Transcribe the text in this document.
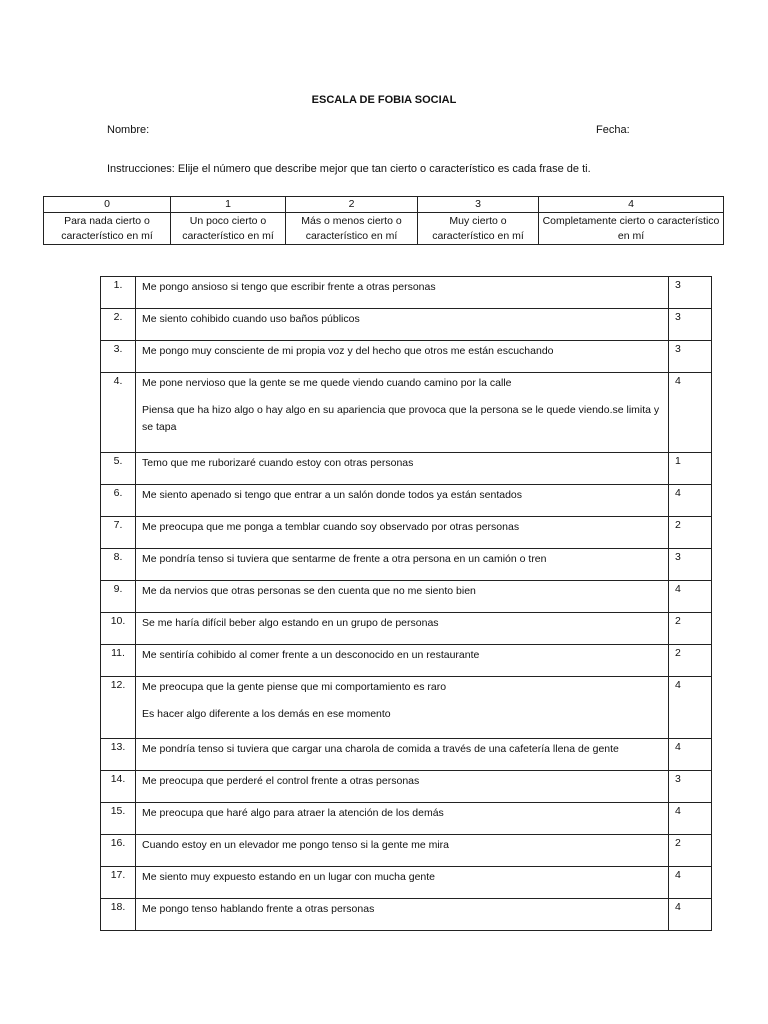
ESCALA DE FOBIA SOCIAL
Nombre:	Fecha:
Instrucciones: Elije el número que describe mejor que tan cierto o característico es cada frase de ti.
0	1	2	3	4
Para nada cierto o característico en mí	Un poco cierto o característico en mí	Más o menos cierto o característico en mí	Muy cierto o característico en mí	Completamente cierto o característico en mí
1.	Me pongo ansioso si tengo que escribir frente a otras personas	3
2.	Me siento cohibido cuando uso baños públicos	3
3.	Me pongo muy consciente de mi propia voz y del hecho que otros me están escuchando	3
4.	Me pone nervioso que la gente se me quede viendo cuando camino por la calle
Piensa que ha hizo algo o hay algo en su apariencia que provoca que la persona se le quede viendo.se limita y se tapa	4
5.	Temo que me ruborizaré cuando estoy con otras personas	1
6.	Me siento apenado si tengo que entrar a un salón donde todos ya están sentados	4
7.	Me preocupa que me ponga a temblar cuando soy observado por otras personas	2
8.	Me pondría tenso si tuviera que sentarme de frente a otra persona en un camión o tren	3
9.	Me da nervios que otras personas se den cuenta que no me siento bien	4
10.	Se me haría difícil beber algo estando en un grupo de personas	2
11.	Me sentiría cohibido al comer frente a un desconocido en un restaurante	2
12.	Me preocupa que la gente piense que mi comportamiento es raro
Es hacer algo diferente a los demás en ese momento	4
13.	Me pondría tenso si tuviera que cargar una charola de comida a través de una cafetería llena de gente	4
14.	Me preocupa que perderé el control frente a otras personas	3
15.	Me preocupa que haré algo para atraer la atención de los demás	4
16.	Cuando estoy en un elevador me pongo tenso si la gente me mira	2
17.	Me siento muy expuesto estando en un lugar con mucha gente	4
18.	Me pongo tenso hablando frente a otras personas	4
